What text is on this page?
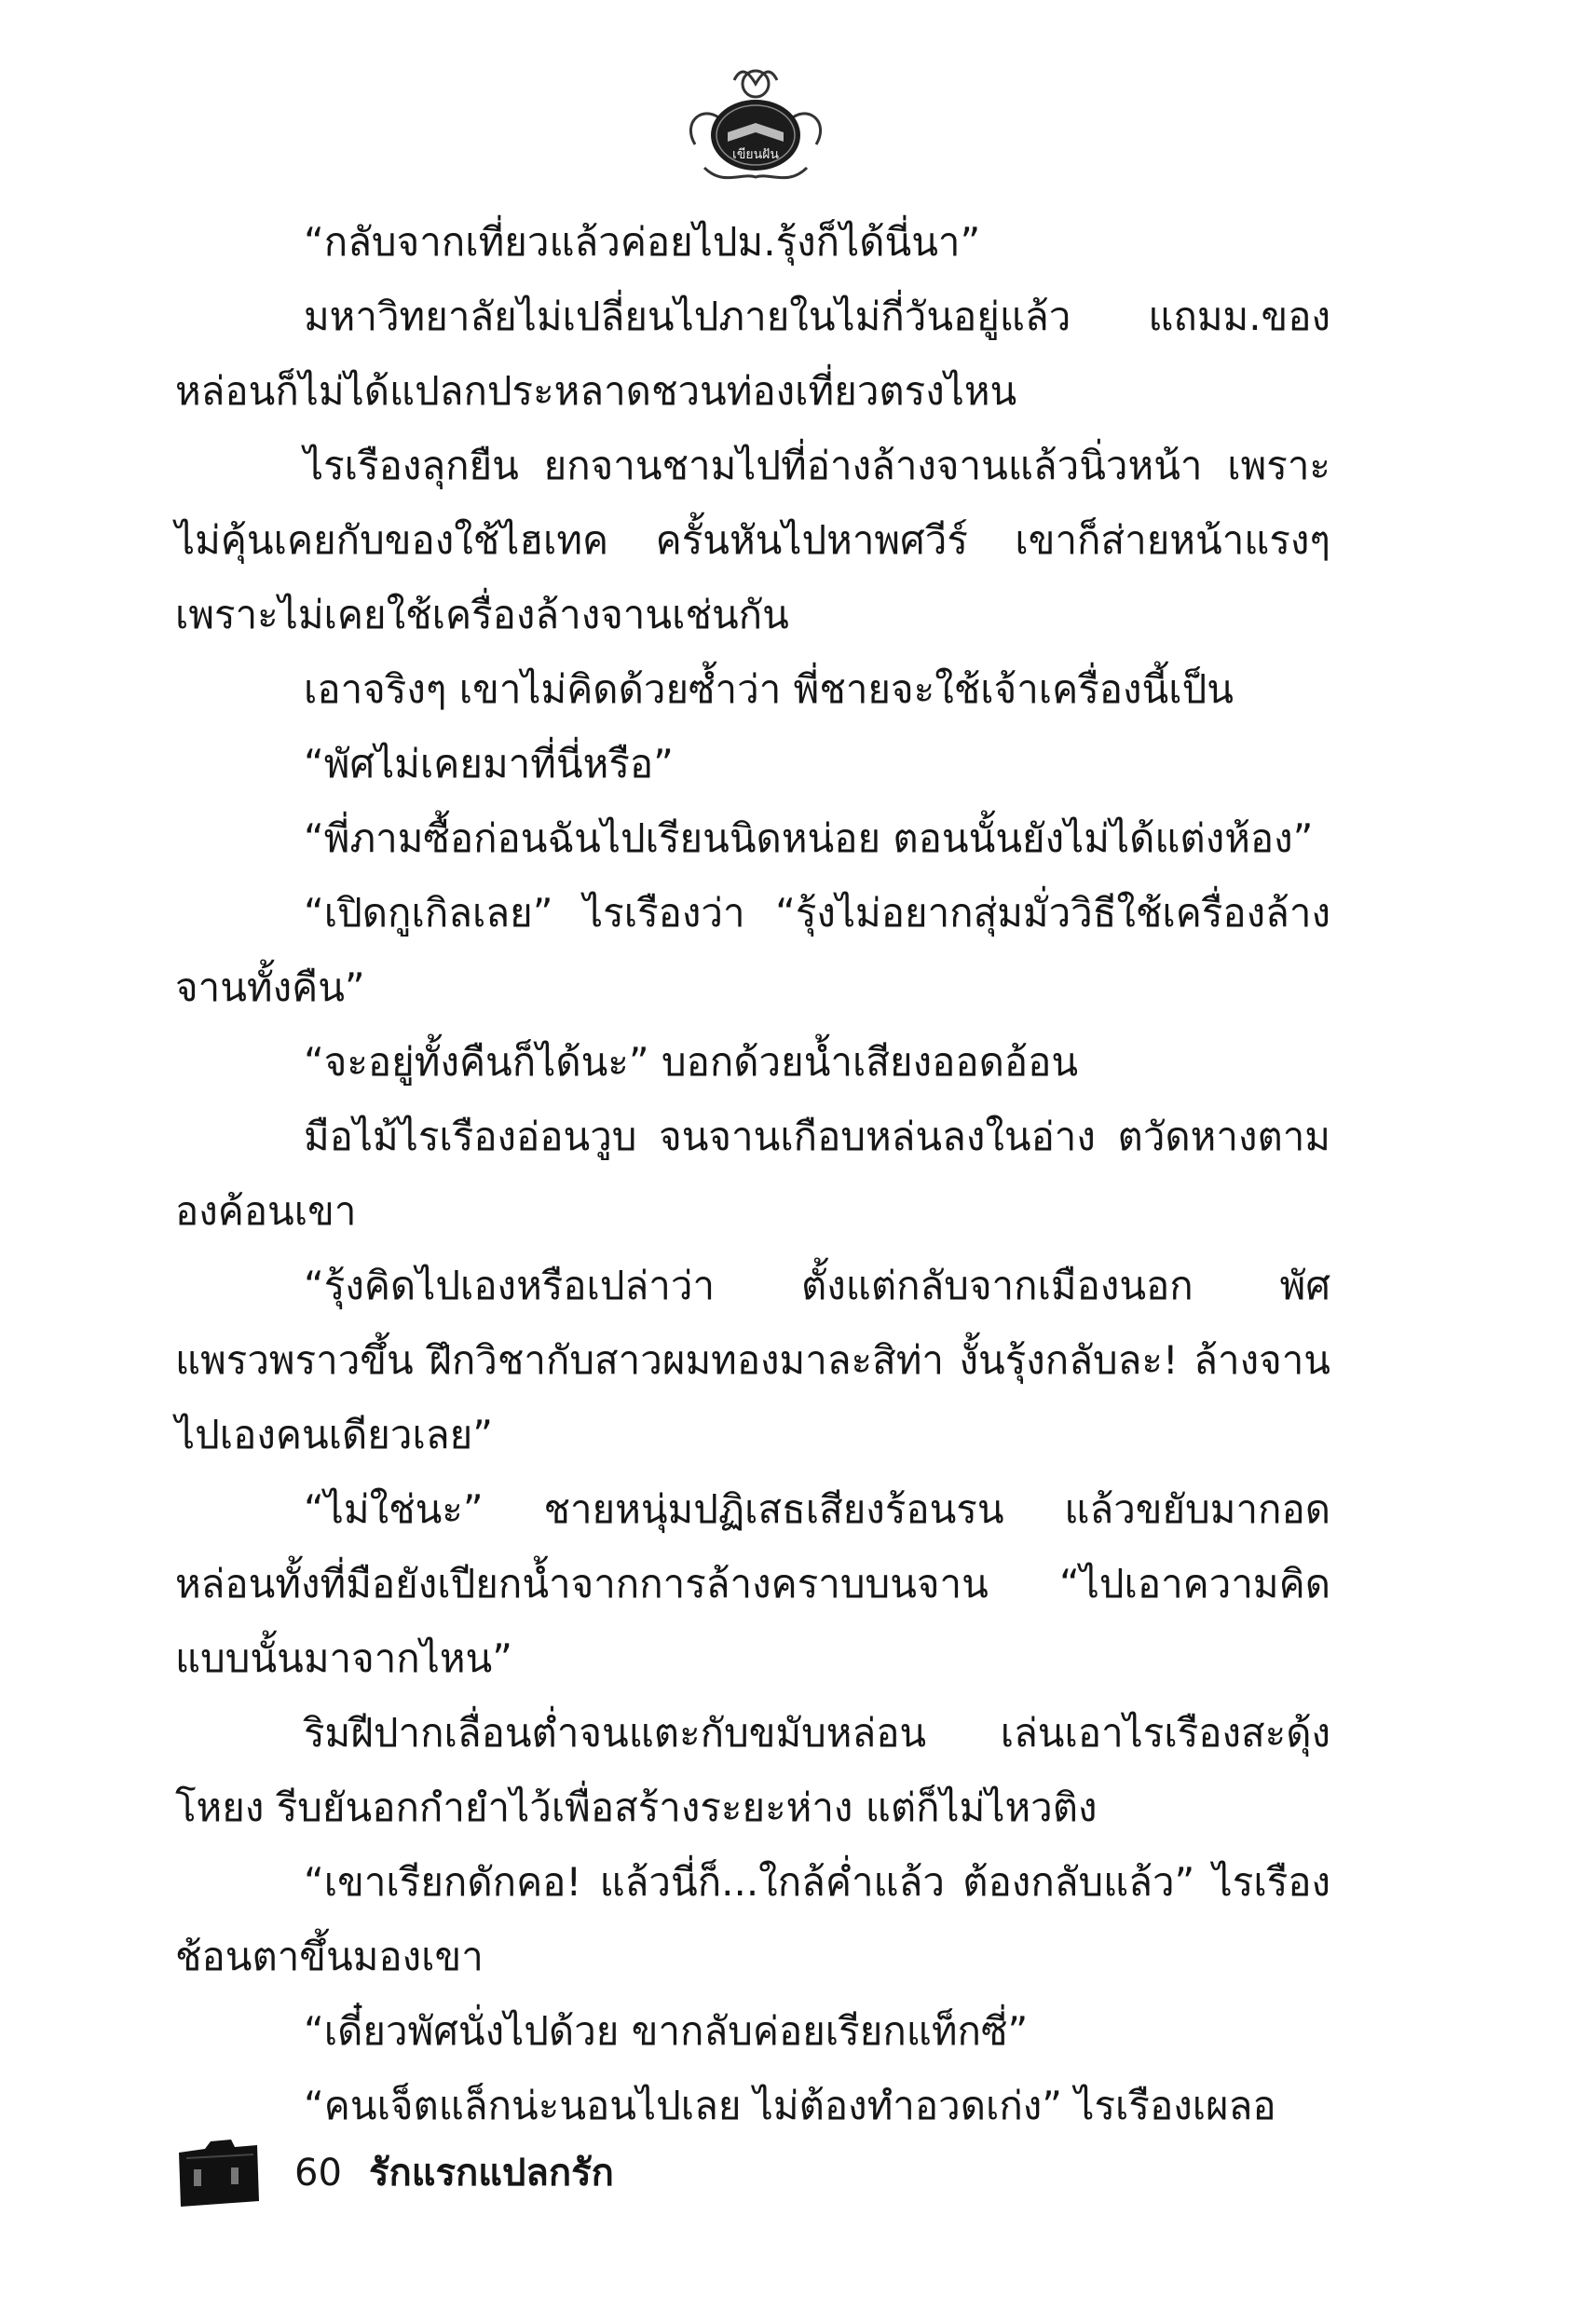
เขียนฝัน

“กลับจากเที่ยวแล้วค่อยไปม.รุ้งก็ได้นี่นา”

มหาวิทยาลัยไม่เปลี่ยนไปภายในไม่กี่วันอยู่แล้ว แถมม.ของหล่อนก็ไม่ได้แปลกประหลาดชวนท่องเที่ยวตรงไหน

ไรเรืองลุกยืน ยกจานชามไปที่อ่างล้างจานแล้วนิ่วหน้า เพราะไม่คุ้นเคยกับของใช้ไฮเทค ครั้นหันไปหาพศวีร์ เขาก็ส่ายหน้าแรงๆ เพราะไม่เคยใช้เครื่องล้างจานเช่นกัน

เอาจริงๆ เขาไม่คิดด้วยซ้ำว่า พี่ชายจะใช้เจ้าเครื่องนี้เป็น

“พัศไม่เคยมาที่นี่หรือ”

“พี่ภามซื้อก่อนฉันไปเรียนนิดหน่อย ตอนนั้นยังไม่ได้แต่งห้อง”

“เปิดกูเกิลเลย” ไรเรืองว่า “รุ้งไม่อยากสุ่มมั่ววิธีใช้เครื่องล้างจานทั้งคืน”

“จะอยู่ทั้งคืนก็ได้นะ” บอกด้วยน้ำเสียงออดอ้อน

มือไม้ไรเรืองอ่อนวูบ จนจานเกือบหล่นลงในอ่าง ตวัดหางตามองค้อนเขา

“รุ้งคิดไปเองหรือเปล่าว่า ตั้งแต่กลับจากเมืองนอก พัศแพรวพราวขึ้น ฝึกวิชากับสาวผมทองมาละสิท่า งั้นรุ้งกลับละ! ล้างจานไปเองคนเดียวเลย”

“ไม่ใช่นะ” ชายหนุ่มปฏิเสธเสียงร้อนรน แล้วขยับมากอดหล่อนทั้งที่มือยังเปียกน้ำจากการล้างคราบบนจาน “ไปเอาความคิดแบบนั้นมาจากไหน”

ริมฝีปากเลื่อนต่ำจนแตะกับขมับหล่อน เล่นเอาไรเรืองสะดุ้งโหยง รีบยันอกกำยำไว้เพื่อสร้างระยะห่าง แต่ก็ไม่ไหวติง

“เขาเรียกดักคอ! แล้วนี่ก็...ใกล้ค่ำแล้ว ต้องกลับแล้ว” ไรเรืองช้อนตาขึ้นมองเขา

“เดี๋ยวพัศนั่งไปด้วย ขากลับค่อยเรียกแท็กซี่”

“คนเจ็ตแล็กน่ะนอนไปเลย ไม่ต้องทำอวดเก่ง” ไรเรืองเผลอ

60 รักแรกแปลกรัก
